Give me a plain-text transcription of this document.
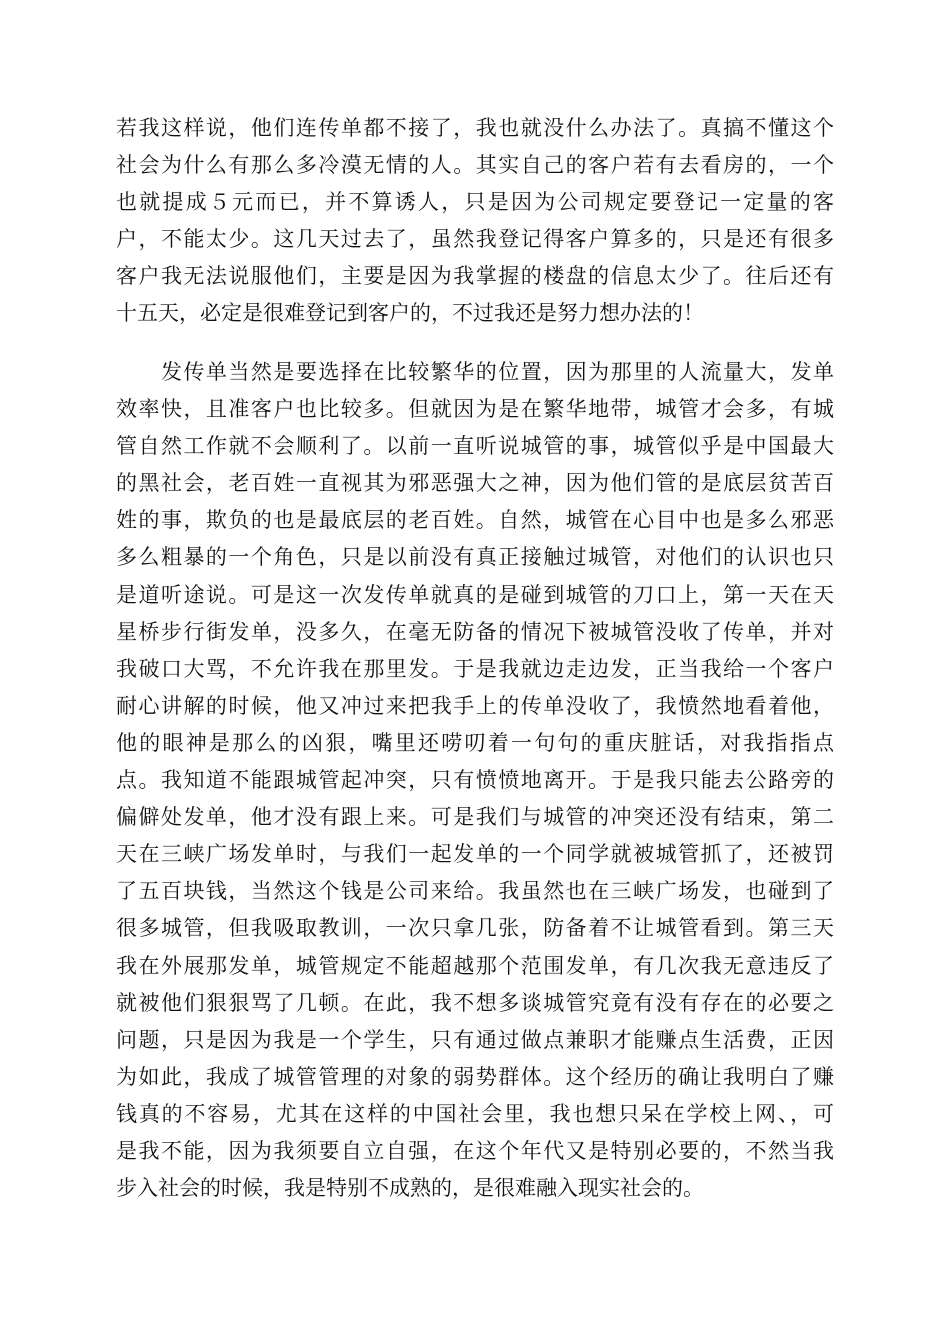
若我这样说，他们连传单都不接了，我也就没什么办法了。真搞不懂这个
社会为什么有那么多冷漠无情的人。其实自己的客户若有去看房的，一个
也就提成５元而已，并不算诱人，只是因为公司规定要登记一定量的客
户，不能太少。这几天过去了，虽然我登记得客户算多的，只是还有很多
客户我无法说服他们，主要是因为我掌握的楼盘的信息太少了。往后还有
十五天，必定是很难登记到客户的，不过我还是努力想办法的！
　　发传单当然是要选择在比较繁华的位置，因为那里的人流量大，发单
效率快，且准客户也比较多。但就因为是在繁华地带，城管才会多，有城
管自然工作就不会顺利了。以前一直听说城管的事，城管似乎是中国最大
的黑社会，老百姓一直视其为邪恶强大之神，因为他们管的是底层贫苦百
姓的事，欺负的也是最底层的老百姓。自然，城管在心目中也是多么邪恶
多么粗暴的一个角色，只是以前没有真正接触过城管，对他们的认识也只
是道听途说。可是这一次发传单就真的是碰到城管的刀口上，第一天在天
星桥步行街发单，没多久，在毫无防备的情况下被城管没收了传单，并对
我破口大骂，不允许我在那里发。于是我就边走边发，正当我给一个客户
耐心讲解的时候，他又冲过来把我手上的传单没收了，我愤然地看着他，
他的眼神是那么的凶狠，嘴里还唠叨着一句句的重庆脏话，对我指指点
点。我知道不能跟城管起冲突，只有愤愤地离开。于是我只能去公路旁的
偏僻处发单，他才没有跟上来。可是我们与城管的冲突还没有结束，第二
天在三峡广场发单时，与我们一起发单的一个同学就被城管抓了，还被罚
了五百块钱，当然这个钱是公司来给。我虽然也在三峡广场发，也碰到了
很多城管，但我吸取教训，一次只拿几张，防备着不让城管看到。第三天
我在外展那发单，城管规定不能超越那个范围发单，有几次我无意违反了
就被他们狠狠骂了几顿。在此，我不想多谈城管究竟有没有存在的必要之
问题，只是因为我是一个学生，只有通过做点兼职才能赚点生活费，正因
为如此，我成了城管管理的对象的弱势群体。这个经历的确让我明白了赚
钱真的不容易，尤其在这样的中国社会里，我也想只呆在学校上网、，可
是我不能，因为我须要自立自强，在这个年代又是特别必要的，不然当我
步入社会的时候，我是特别不成熟的，是很难融入现实社会的。
